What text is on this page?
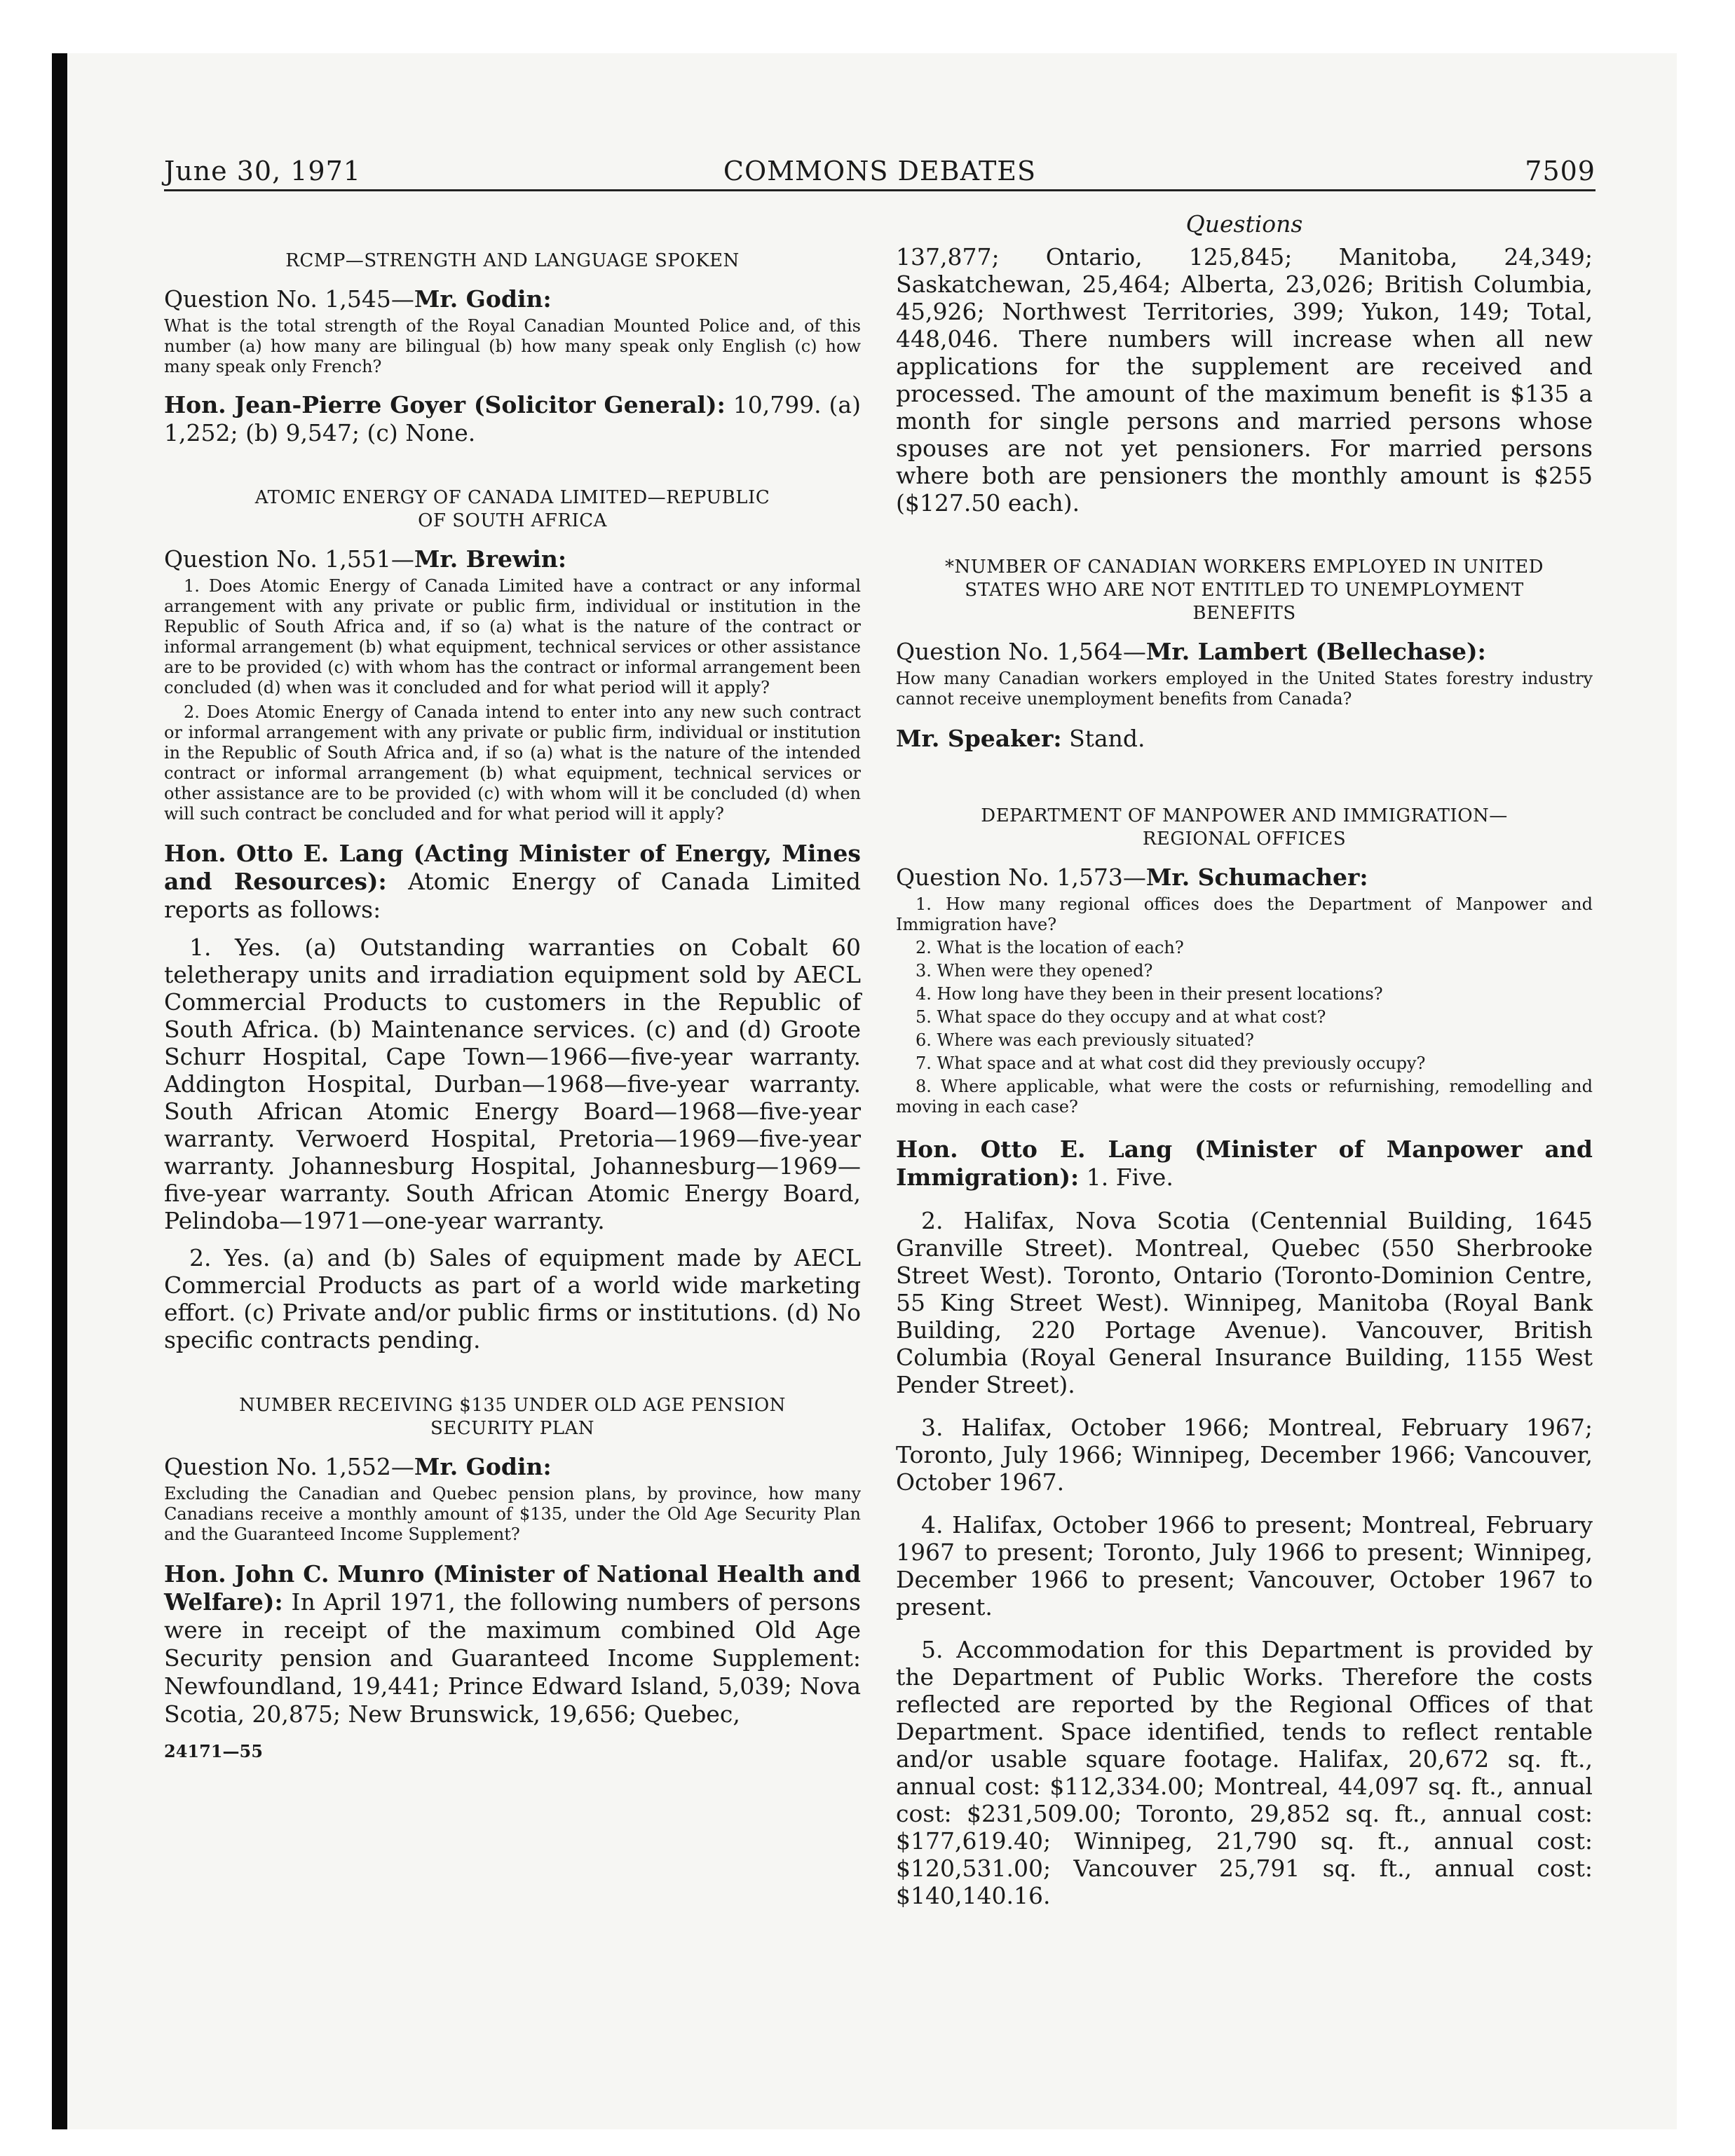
June 30, 1971	COMMONS DEBATES	7509

RCMP—STRENGTH AND LANGUAGE SPOKEN

Question No. 1,545—Mr. Godin:

What is the total strength of the Royal Canadian Mounted Police and, of this number (a) how many are bilingual (b) how many speak only English (c) how many speak only French?

Hon. Jean-Pierre Goyer (Solicitor General): 10,799. (a) 1,252; (b) 9,547; (c) None.

ATOMIC ENERGY OF CANADA LIMITED—REPUBLIC
OF SOUTH AFRICA

Question No. 1,551—Mr. Brewin:

1. Does Atomic Energy of Canada Limited have a contract or any informal arrangement with any private or public firm, individual or institution in the Republic of South Africa and, if so (a) what is the nature of the contract or informal arrangement (b) what equipment, technical services or other assistance are to be provided (c) with whom has the contract or informal arrangement been concluded (d) when was it concluded and for what period will it apply?

2. Does Atomic Energy of Canada intend to enter into any new such contract or informal arrangement with any private or public firm, individual or institution in the Republic of South Africa and, if so (a) what is the nature of the intended contract or informal arrangement (b) what equipment, technical services or other assistance are to be provided (c) with whom will it be concluded (d) when will such contract be concluded and for what period will it apply?

Hon. Otto E. Lang (Acting Minister of Energy, Mines and Resources): Atomic Energy of Canada Limited reports as follows:

1. Yes. (a) Outstanding warranties on Cobalt 60 teletherapy units and irradiation equipment sold by AECL Commercial Products to customers in the Republic of South Africa. (b) Maintenance services. (c) and (d) Groote Schurr Hospital, Cape Town—1966—five-year warranty. Addington Hospital, Durban—1968—five-year warranty. South African Atomic Energy Board—1968—five-year warranty. Verwoerd Hospital, Pretoria—1969—five-year warranty. Johannesburg Hospital, Johannesburg—1969—five-year warranty. South African Atomic Energy Board, Pelindoba—1971—one-year warranty.

2. Yes. (a) and (b) Sales of equipment made by AECL Commercial Products as part of a world wide marketing effort. (c) Private and/or public firms or institutions. (d) No specific contracts pending.

NUMBER RECEIVING $135 UNDER OLD AGE PENSION
SECURITY PLAN

Question No. 1,552—Mr. Godin:

Excluding the Canadian and Quebec pension plans, by province, how many Canadians receive a monthly amount of $135, under the Old Age Security Plan and the Guaranteed Income Supplement?

Hon. John C. Munro (Minister of National Health and Welfare): In April 1971, the following numbers of persons were in receipt of the maximum combined Old Age Security pension and Guaranteed Income Supplement: Newfoundland, 19,441; Prince Edward Island, 5,039; Nova Scotia, 20,875; New Brunswick, 19,656; Quebec,

24171—55

Questions

137,877; Ontario, 125,845; Manitoba, 24,349; Saskatchewan, 25,464; Alberta, 23,026; British Columbia, 45,926; Northwest Territories, 399; Yukon, 149; Total, 448,046. There numbers will increase when all new applications for the supplement are received and processed. The amount of the maximum benefit is $135 a month for single persons and married persons whose spouses are not yet pensioners. For married persons where both are pensioners the monthly amount is $255 ($127.50 each).

*NUMBER OF CANADIAN WORKERS EMPLOYED IN UNITED
STATES WHO ARE NOT ENTITLED TO UNEMPLOYMENT
BENEFITS

Question No. 1,564—Mr. Lambert (Bellechase):

How many Canadian workers employed in the United States forestry industry cannot receive unemployment benefits from Canada?

Mr. Speaker: Stand.

DEPARTMENT OF MANPOWER AND IMMIGRATION—
REGIONAL OFFICES

Question No. 1,573—Mr. Schumacher:

1. How many regional offices does the Department of Manpower and Immigration have?

2. What is the location of each?

3. When were they opened?

4. How long have they been in their present locations?

5. What space do they occupy and at what cost?

6. Where was each previously situated?

7. What space and at what cost did they previously occupy?

8. Where applicable, what were the costs or refurnishing, remodelling and moving in each case?

Hon. Otto E. Lang (Minister of Manpower and Immigration): 1. Five.

2. Halifax, Nova Scotia (Centennial Building, 1645 Granville Street). Montreal, Quebec (550 Sherbrooke Street West). Toronto, Ontario (Toronto-Dominion Centre, 55 King Street West). Winnipeg, Manitoba (Royal Bank Building, 220 Portage Avenue). Vancouver, British Columbia (Royal General Insurance Building, 1155 West Pender Street).

3. Halifax, October 1966; Montreal, February 1967; Toronto, July 1966; Winnipeg, December 1966; Vancouver, October 1967.

4. Halifax, October 1966 to present; Montreal, February 1967 to present; Toronto, July 1966 to present; Winnipeg, December 1966 to present; Vancouver, October 1967 to present.

5. Accommodation for this Department is provided by the Department of Public Works. Therefore the costs reflected are reported by the Regional Offices of that Department. Space identified, tends to reflect rentable and/or usable square footage. Halifax, 20,672 sq. ft., annual cost: $112,334.00; Montreal, 44,097 sq. ft., annual cost: $231,509.00; Toronto, 29,852 sq. ft., annual cost: $177,619.40; Winnipeg, 21,790 sq. ft., annual cost: $120,531.00; Vancouver 25,791 sq. ft., annual cost: $140,140.16.
